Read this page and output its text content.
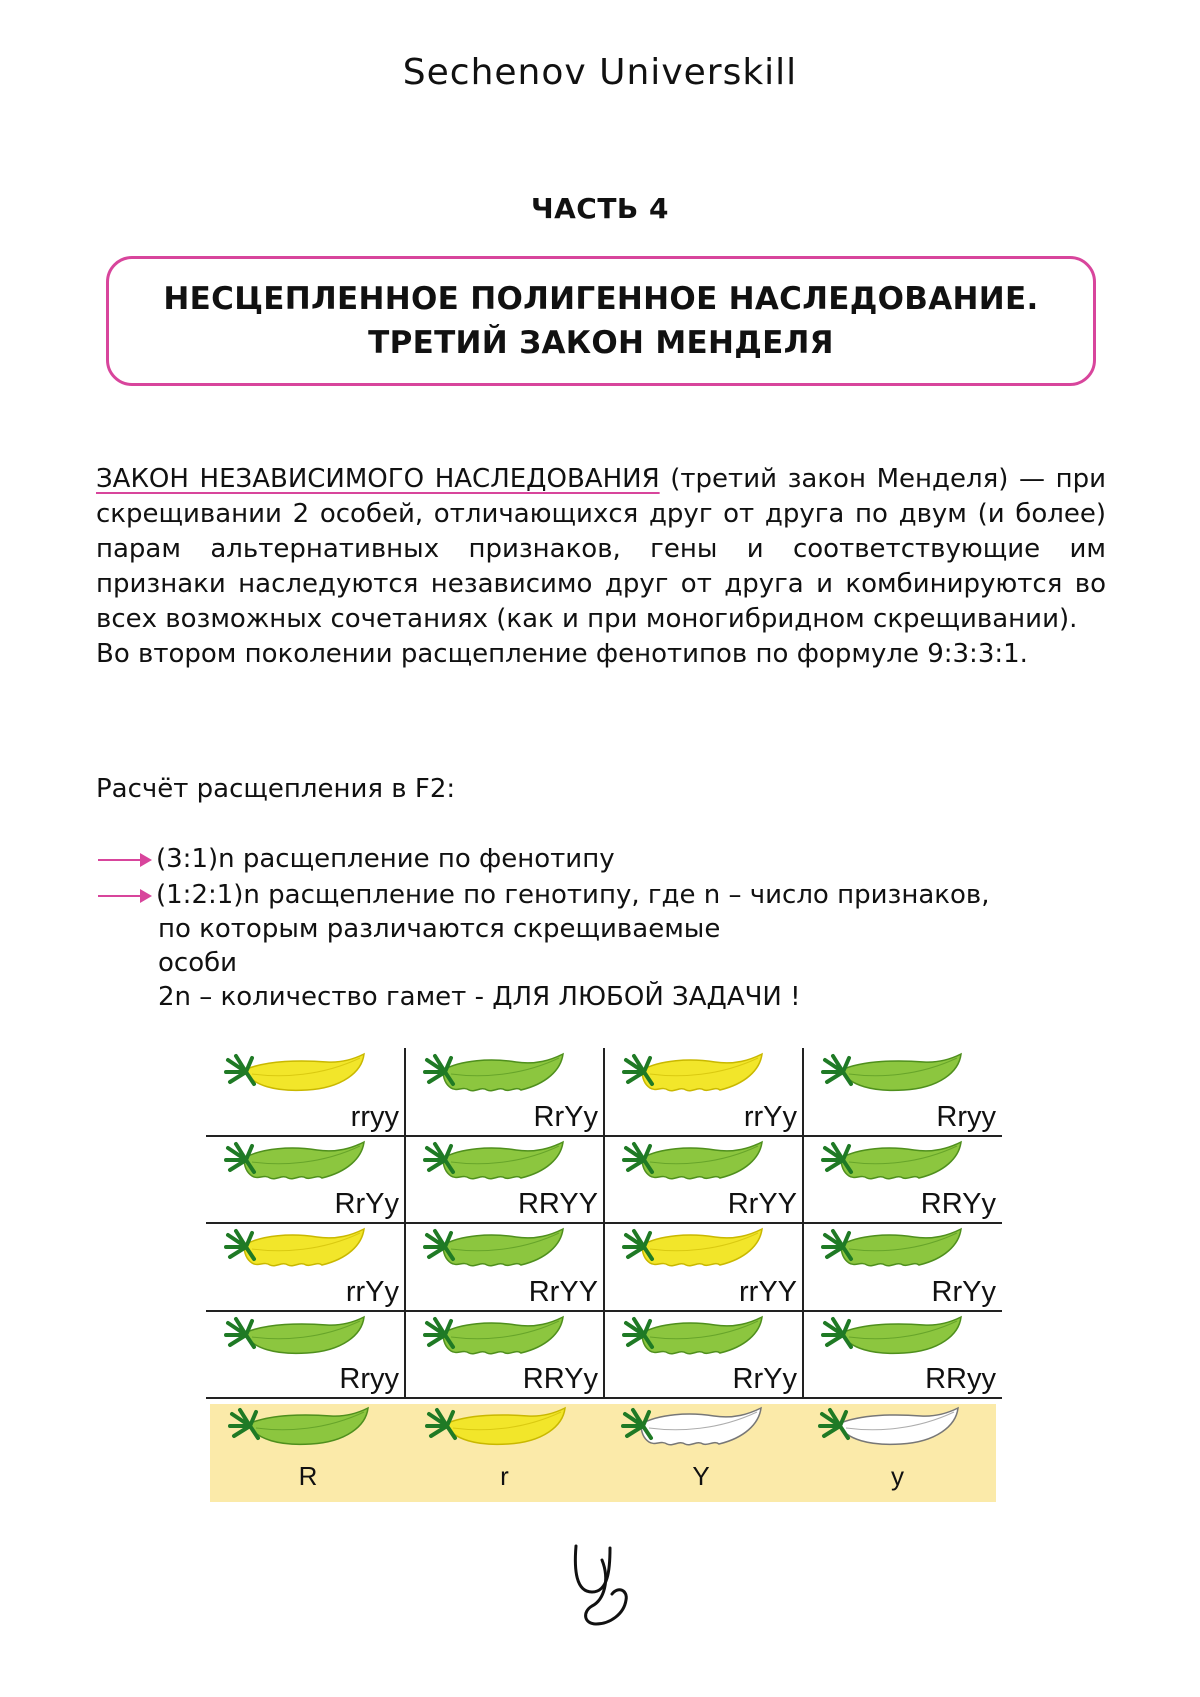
Sechenov Universkill
ЧАСТЬ 4
НЕСЦЕПЛЕННОЕ ПОЛИГЕННОЕ НАСЛЕДОВАНИЕ.
ТРЕТИЙ ЗАКОН МЕНДЕЛЯ

ЗАКОН НЕЗАВИСИМОГО НАСЛЕДОВАНИЯ (третий закон Менделя) — при скрещивании 2 особей, отличающихся друг от друга по двум (и более) парам альтернативных признаков, гены и соответствующие им признаки наследуются независимо друг от друга и комбинируются во всех возможных сочетаниях (как и при моногибридном скрещивании).

Во втором поколении расщепление фенотипов по формуле 9:3:3:1.

Расчёт расщепления в F2:
(3:1)n расщепление по фенотипу
(1:2:1)n расщепление по генотипу, где n – число признаков,
по которым различаются скрещиваемые
особи
2n – количество гамет - ДЛЯ ЛЮБОЙ ЗАДАЧИ !
rryy	RrYy	rrYy	Rryy
RrYy	RRYY	RrYY	RRYy
rrYy	RrYY	rrYY	RrYy
Rryy	RRYy	RrYy	RRyy
R	r	Y	y
